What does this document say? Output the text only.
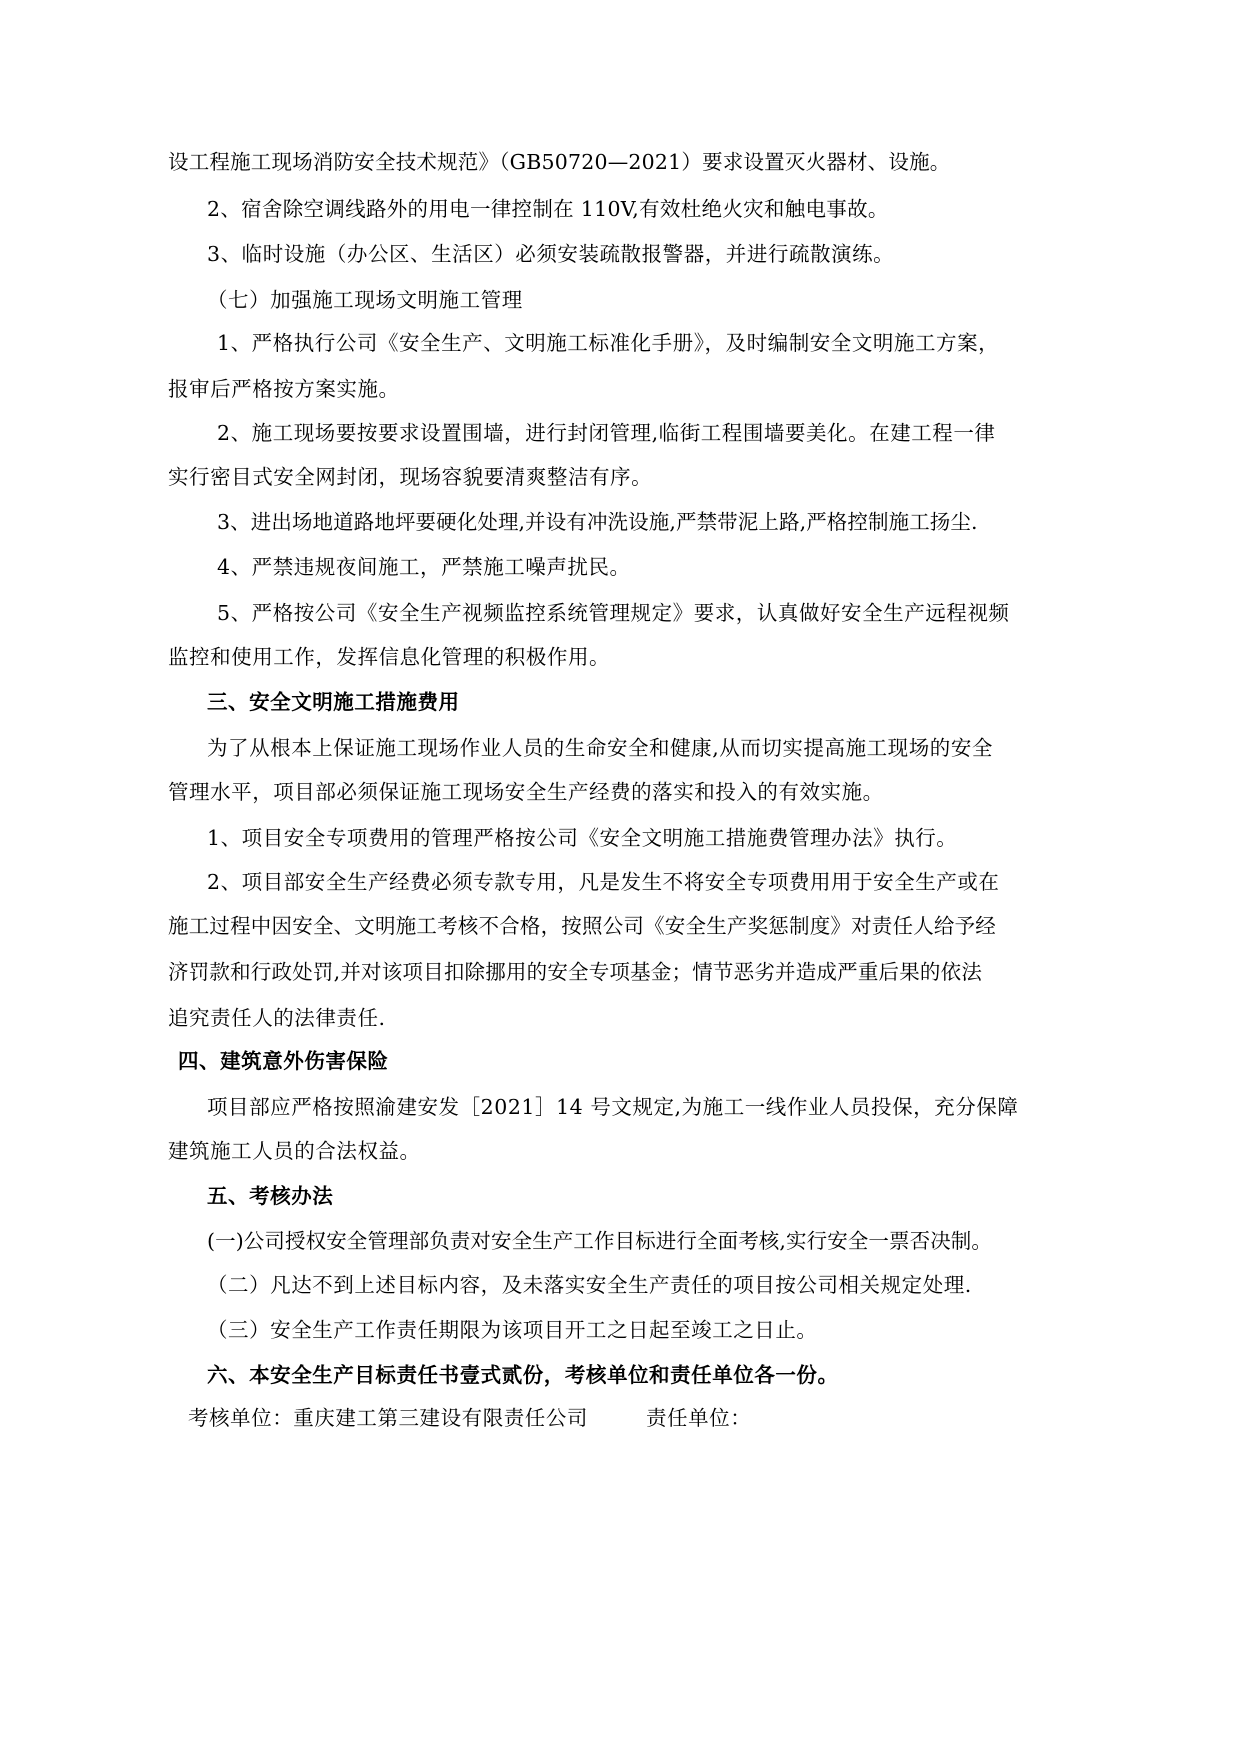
设工程施工现场消防安全技术规范》（GB50720—2021）要求设置灭火器材、设施。

2、宿舍除空调线路外的用电一律控制在 110V,有效杜绝火灾和触电事故。

3、临时设施（办公区、生活区）必须安装疏散报警器，并进行疏散演练。

（七）加强施工现场文明施工管理

1、严格执行公司《安全生产、文明施工标准化手册》，及时编制安全文明施工方案，

报审后严格按方案实施。

2、施工现场要按要求设置围墙，进行封闭管理,临街工程围墙要美化。在建工程一律

实行密目式安全网封闭，现场容貌要清爽整洁有序。

3、进出场地道路地坪要硬化处理,并设有冲洗设施,严禁带泥上路,严格控制施工扬尘.

4、严禁违规夜间施工，严禁施工噪声扰民。

5、严格按公司《安全生产视频监控系统管理规定》要求，认真做好安全生产远程视频

监控和使用工作，发挥信息化管理的积极作用。

三、安全文明施工措施费用

为了从根本上保证施工现场作业人员的生命安全和健康,从而切实提高施工现场的安全

管理水平，项目部必须保证施工现场安全生产经费的落实和投入的有效实施。

1、项目安全专项费用的管理严格按公司《安全文明施工措施费管理办法》执行。

2、项目部安全生产经费必须专款专用，凡是发生不将安全专项费用用于安全生产或在

施工过程中因安全、文明施工考核不合格，按照公司《安全生产奖惩制度》对责任人给予经

济罚款和行政处罚,并对该项目扣除挪用的安全专项基金；情节恶劣并造成严重后果的依法

追究责任人的法律责任.

四、建筑意外伤害保险

项目部应严格按照渝建安发［2021］14 号文规定,为施工一线作业人员投保，充分保障

建筑施工人员的合法权益。

五、考核办法

(一)公司授权安全管理部负责对安全生产工作目标进行全面考核,实行安全一票否决制。

（二）凡达不到上述目标内容，及未落实安全生产责任的项目按公司相关规定处理.

（三）安全生产工作责任期限为该项目开工之日起至竣工之日止。

六、本安全生产目标责任书壹式贰份，考核单位和责任单位各一份。

考核单位：重庆建工第三建设有限责任公司	责任单位：
